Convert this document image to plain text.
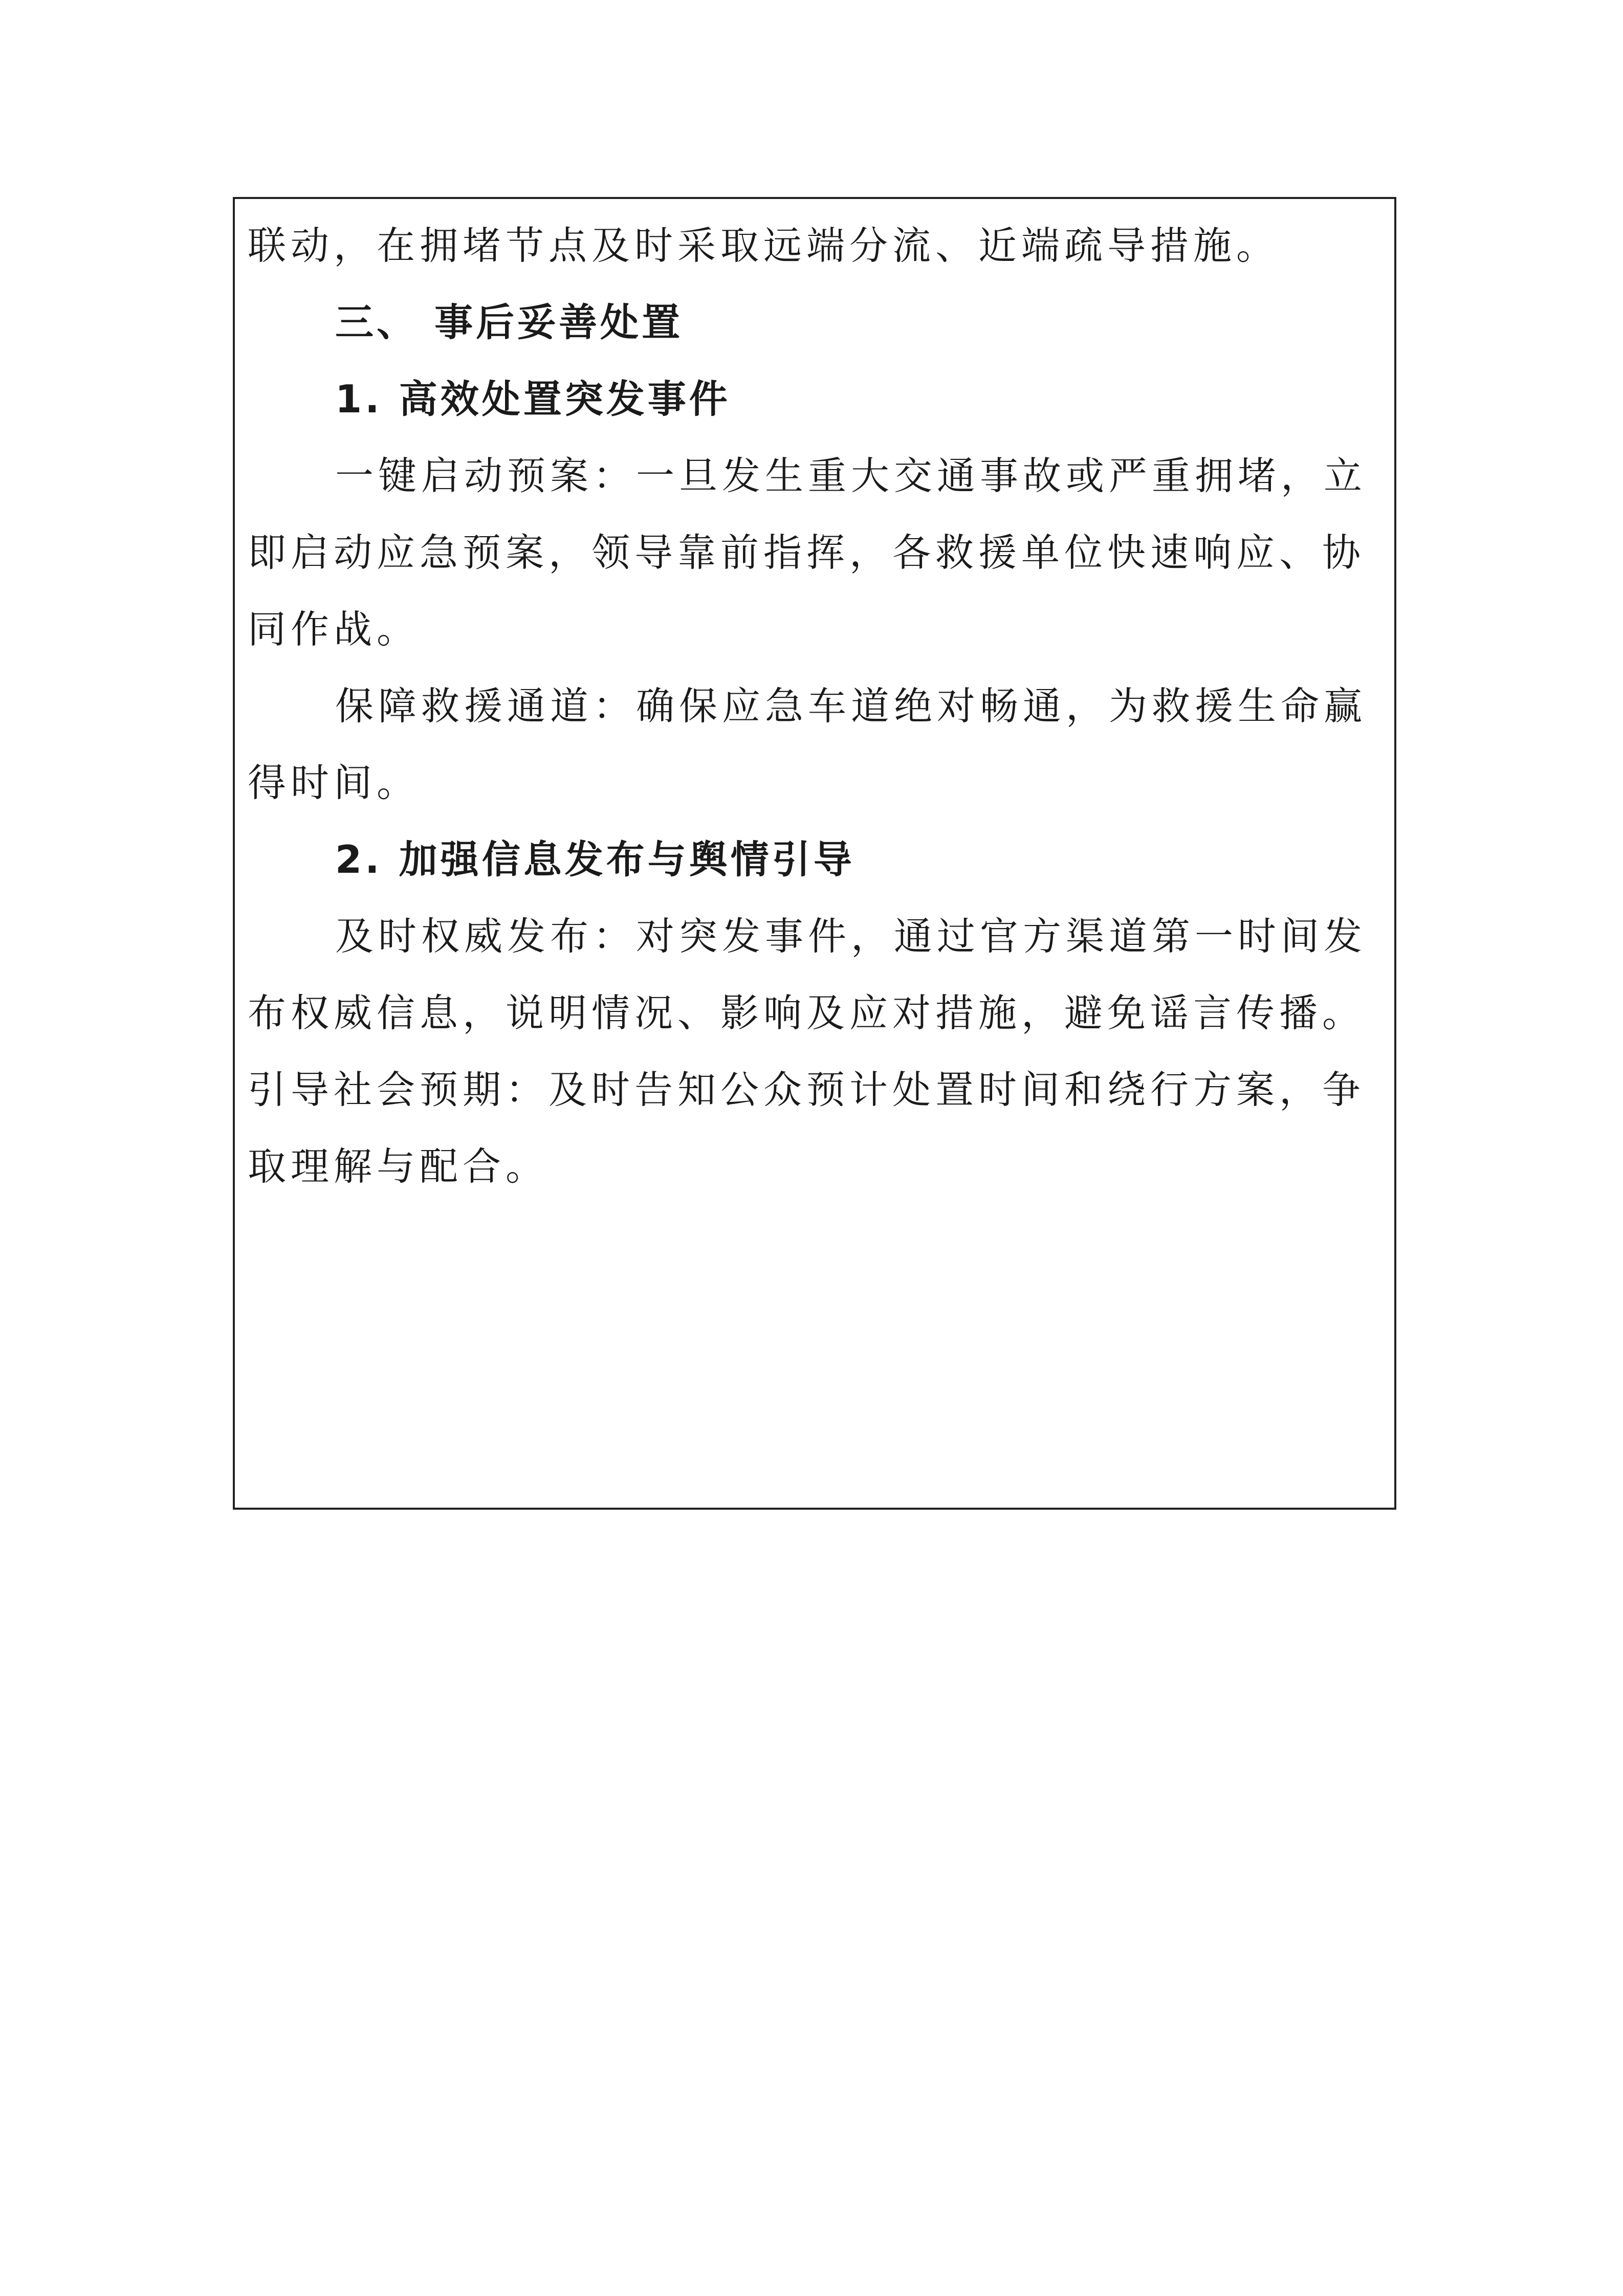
联动，在拥堵节点及时采取远端分流、近端疏导措施。
三、 事后妥善处置
1. 高效处置突发事件
一键启动预案：一旦发生重大交通事故或严重拥堵，立
即启动应急预案，领导靠前指挥，各救援单位快速响应、协
同作战。
保障救援通道：确保应急车道绝对畅通，为救援生命赢
得时间。
2. 加强信息发布与舆情引导
及时权威发布：对突发事件，通过官方渠道第一时间发
布权威信息，说明情况、影响及应对措施，避免谣言传播。
引导社会预期：及时告知公众预计处置时间和绕行方案，争
取理解与配合。
